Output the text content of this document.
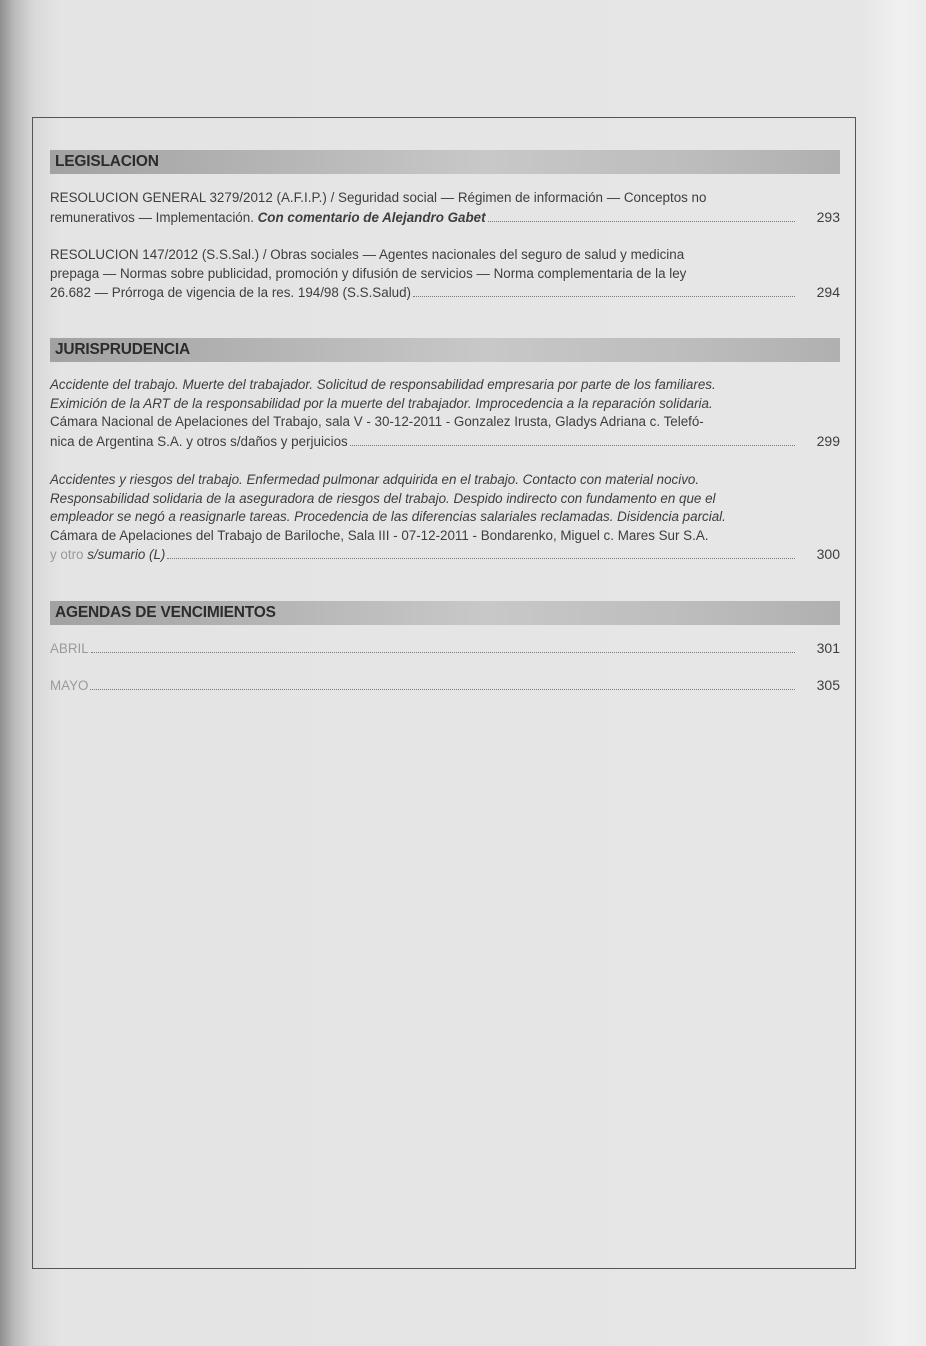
LEGISLACION
RESOLUCION GENERAL 3279/2012 (A.F.I.P.) / Seguridad social — Régimen de información — Conceptos no
remunerativos — Implementación. Con comentario de Alejandro Gabet	293
RESOLUCION 147/2012 (S.S.Sal.) / Obras sociales — Agentes nacionales del seguro de salud y medicina
prepaga — Normas sobre publicidad, promoción y difusión de servicios — Norma complementaria de la ley
26.682 — Prórroga de vigencia de la res. 194/98 (S.S.Salud)	294
JURISPRUDENCIA
Accidente del trabajo. Muerte del trabajador. Solicitud de responsabilidad empresaria por parte de los familiares.
Eximición de la ART de la responsabilidad por la muerte del trabajador. Improcedencia a la reparación solidaria.
Cámara Nacional de Apelaciones del Trabajo, sala V - 30-12-2011 - Gonzalez Irusta, Gladys Adriana c. Telefó-
nica de Argentina S.A. y otros s/daños y perjuicios	299
Accidentes y riesgos del trabajo. Enfermedad pulmonar adquirida en el trabajo. Contacto con material nocivo.
Responsabilidad solidaria de la aseguradora de riesgos del trabajo. Despido indirecto con fundamento en que el
empleador se negó a reasignarle tareas. Procedencia de las diferencias salariales reclamadas. Disidencia parcial.
Cámara de Apelaciones del Trabajo de Bariloche, Sala III - 07-12-2011 - Bondarenko, Miguel c. Mares Sur S.A.
y otro s/sumario (L)	300
AGENDAS DE VENCIMIENTOS
ABRIL	301
MAYO	305
